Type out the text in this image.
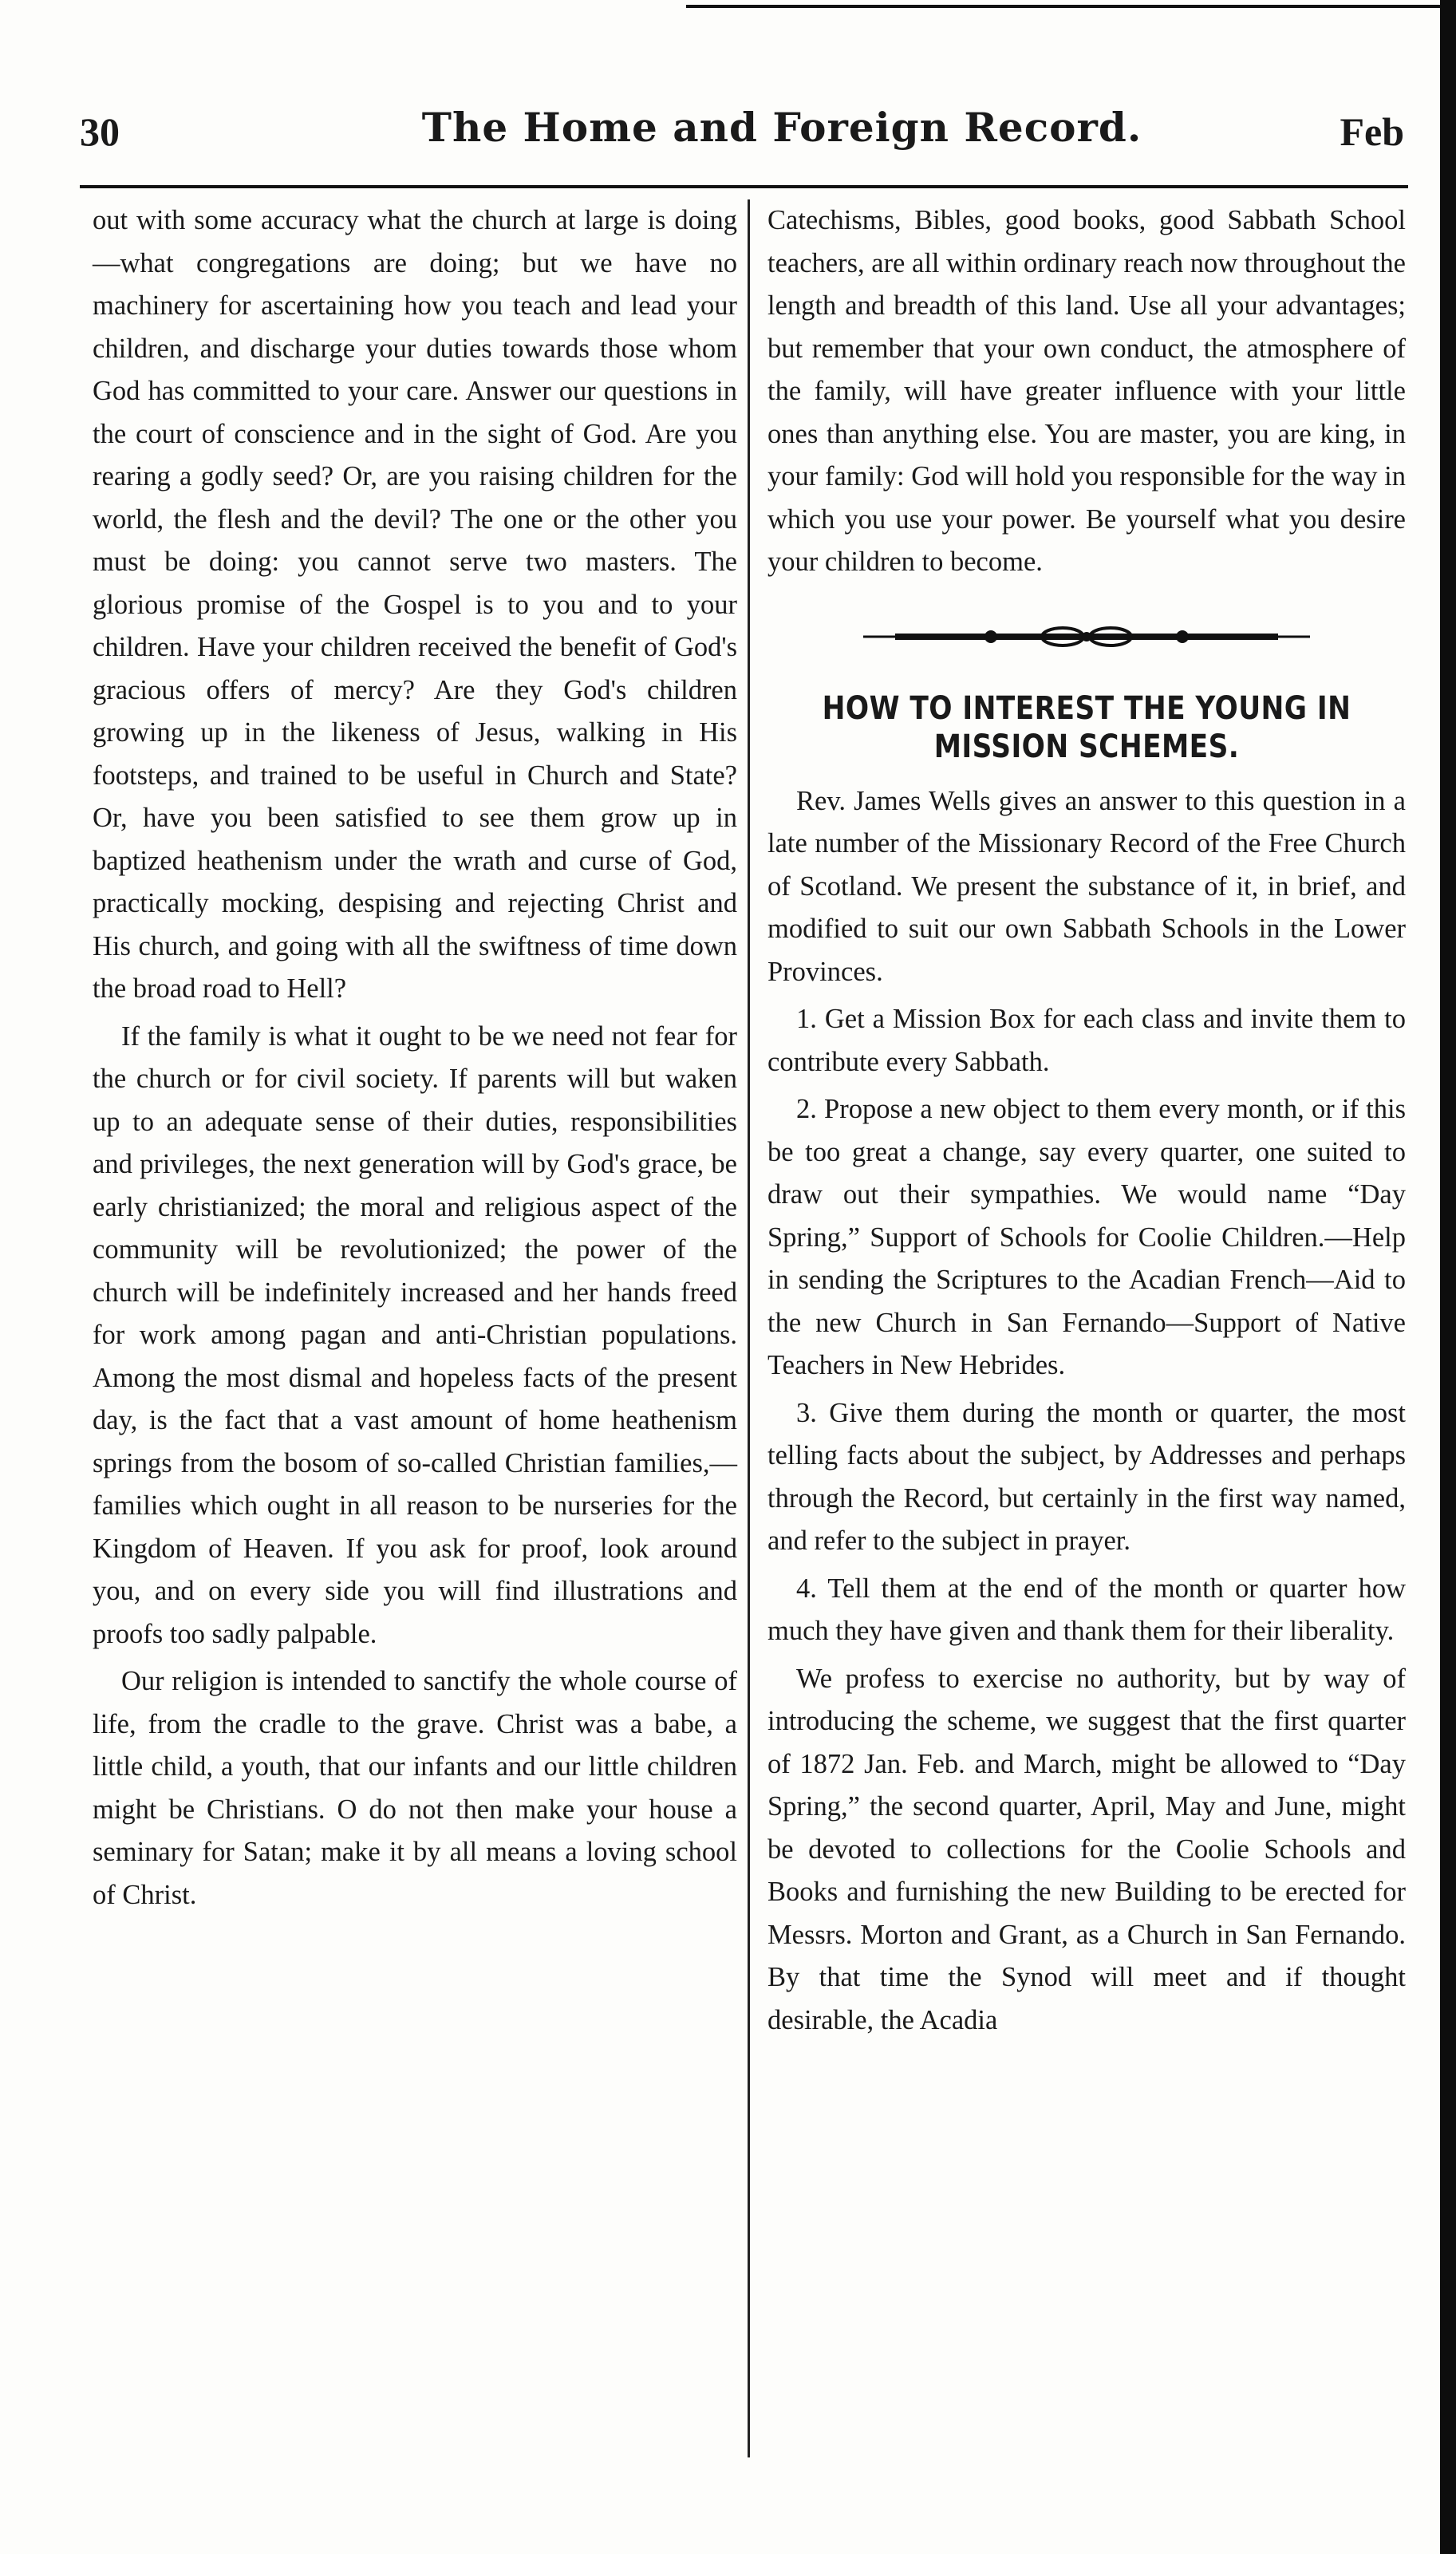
30	The Home and Foreign Record.	Feb

out with some accuracy what the church at large is doing—what congregations are doing; but we have no machinery for ascertaining how you teach and lead your children, and discharge your duties towards those whom God has committed to your care. Answer our questions in the court of conscience and in the sight of God. Are you rearing a godly seed? Or, are you raising children for the world, the flesh and the devil? The one or the other you must be doing: you cannot serve two masters. The glorious promise of the Gospel is to you and to your children. Have your children received the benefit of God's gracious offers of mercy? Are they God's children growing up in the likeness of Jesus, walking in His footsteps, and trained to be useful in Church and State? Or, have you been satisfied to see them grow up in baptized heathenism under the wrath and curse of God, practically mocking, despising and rejecting Christ and His church, and going with all the swiftness of time down the broad road to Hell?

If the family is what it ought to be we need not fear for the church or for civil society. If parents will but waken up to an adequate sense of their duties, responsibilities and privileges, the next generation will by God's grace, be early christianized; the moral and religious aspect of the community will be revolutionized; the power of the church will be indefinitely increased and her hands freed for work among pagan and anti-Christian populations. Among the most dismal and hopeless facts of the present day, is the fact that a vast amount of home heathenism springs from the bosom of so-called Christian families,—families which ought in all reason to be nurseries for the Kingdom of Heaven. If you ask for proof, look around you, and on every side you will find illustrations and proofs too sadly palpable.

Our religion is intended to sanctify the whole course of life, from the cradle to the grave. Christ was a babe, a little child, a youth, that our infants and our little children might be Christians. O do not then make your house a seminary for Satan; make it by all means a loving school of Christ.

Catechisms, Bibles, good books, good Sabbath School teachers, are all within ordinary reach now throughout the length and breadth of this land. Use all your advantages; but remember that your own conduct, the atmosphere of the family, will have greater influence with your little ones than anything else. You are master, you are king, in your family: God will hold you responsible for the way in which you use your power. Be yourself what you desire your children to become.

HOW TO INTEREST THE YOUNG IN MISSION SCHEMES.

Rev. James Wells gives an answer to this question in a late number of the Missionary Record of the Free Church of Scotland. We present the substance of it, in brief, and modified to suit our own Sabbath Schools in the Lower Provinces.

1. Get a Mission Box for each class and invite them to contribute every Sabbath.

2. Propose a new object to them every month, or if this be too great a change, say every quarter, one suited to draw out their sympathies. We would name “Day Spring,” Support of Schools for Coolie Children.—Help in sending the Scriptures to the Acadian French—Aid to the new Church in San Fernando—Support of Native Teachers in New Hebrides.

3. Give them during the month or quarter, the most telling facts about the subject, by Addresses and perhaps through the Record, but certainly in the first way named, and refer to the subject in prayer.

4. Tell them at the end of the month or quarter how much they have given and thank them for their liberality.

We profess to exercise no authority, but by way of introducing the scheme, we suggest that the first quarter of 1872 Jan. Feb. and March, might be allowed to “Day Spring,” the second quarter, April, May and June, might be devoted to collections for the Coolie Schools and Books and furnishing the new Building to be erected for Messrs. Morton and Grant, as a Church in San Fernando. By that time the Synod will meet and if thought desirable, the Acadia
